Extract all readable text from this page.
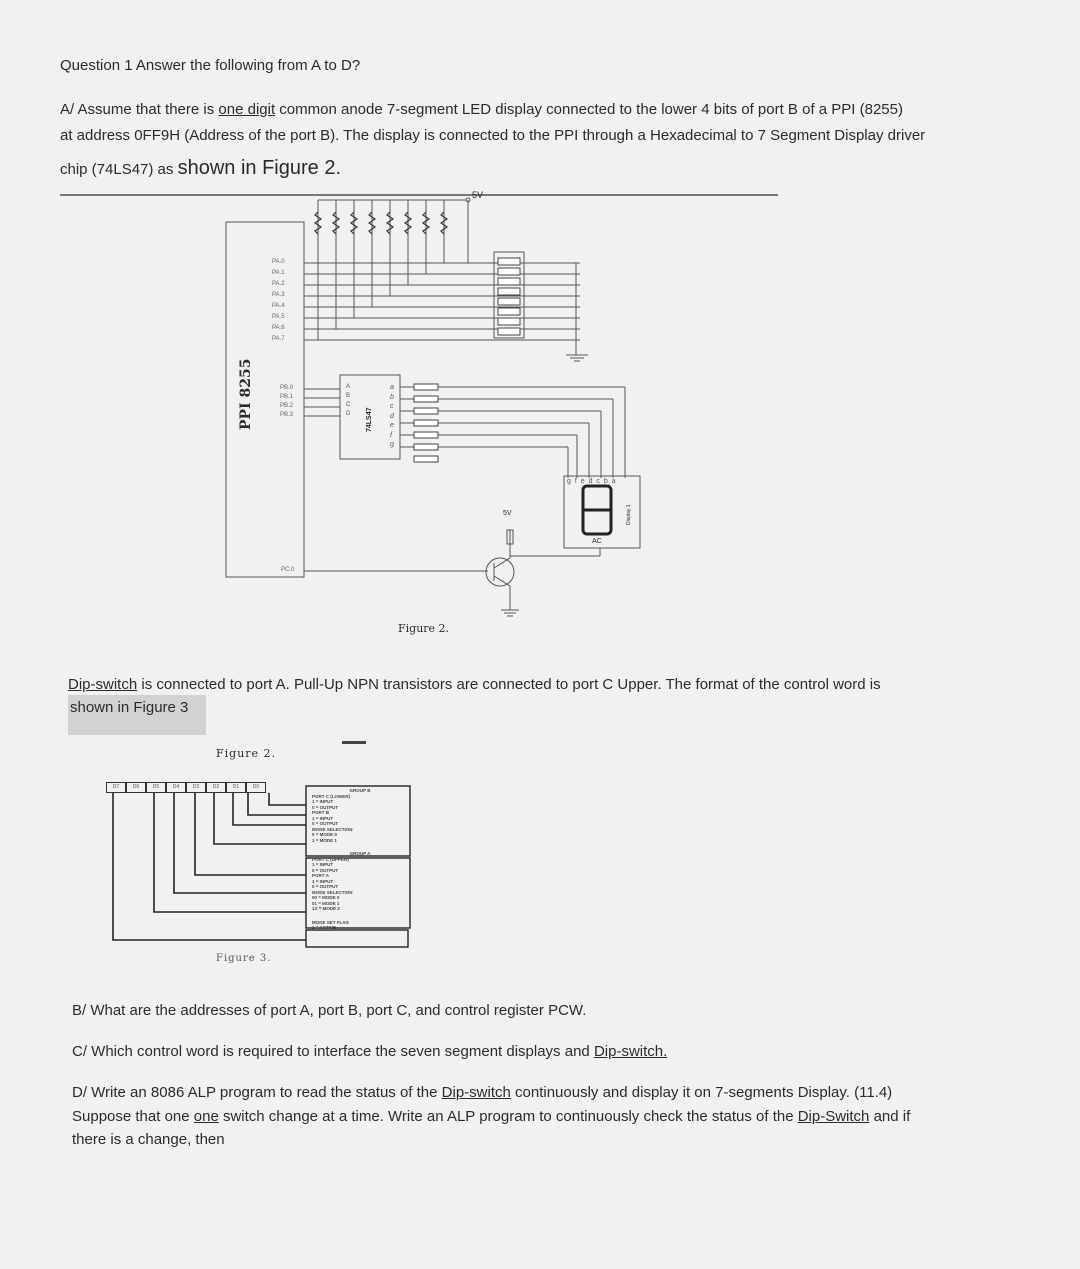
Question 1 Answer the following from A to D?
A/ Assume that there is one digit common anode 7-segment LED display connected to the lower 4 bits of port B of a PPI (8255)
at address 0FF9H (Address of the port B). The display is connected to the PPI through a Hexadecimal to 7 Segment Display driver
chip (74LS47) as shown in Figure 2.
5V
PPI 8255
PA.0
PA.1
PA.2
PA.3
PA.4
PA.5
PA.6
PA.7
PB.0
PB.1
PB.2
PB.3
PC.0
A
B
C
D 74LS47
a
b
c
d
e
f
g
g f e d c b a
Display 1
AC
5V
Figure 2.
Dip-switch is connected to port A. Pull-Up NPN transistors are connected to port C Upper. The format of the control word is
shown in Figure 3
Figure 2.
D7	D6	D5	D4	D3	D2	D1	D0
GROUP B
PORT C (LOWER)
1 = INPUT
0 = OUTPUT
PORT B
1 = INPUT
0 = OUTPUT
MODE SELECTION
0 = MODE 0
1 = MODE 1
GROUP A
PORT C (UPPER)
1 = INPUT
0 = OUTPUT
PORT A
1 = INPUT
0 = OUTPUT
MODE SELECTION
00 = MODE 0
01 = MODE 1
1X = MODE 2
MODE SET FLAG
1 = ACTIVE
Figure 3.
B/ What are the addresses of port A, port B, port C, and control register PCW.
C/ Which control word is required to interface the seven segment displays and Dip-switch.
D/ Write an 8086 ALP program to read the status of the Dip-switch continuously and display it on 7-segments Display. (11.4)
Suppose that one one switch change at a time. Write an ALP program to continuously check the status of the Dip-Switch and if
there is a change, then
